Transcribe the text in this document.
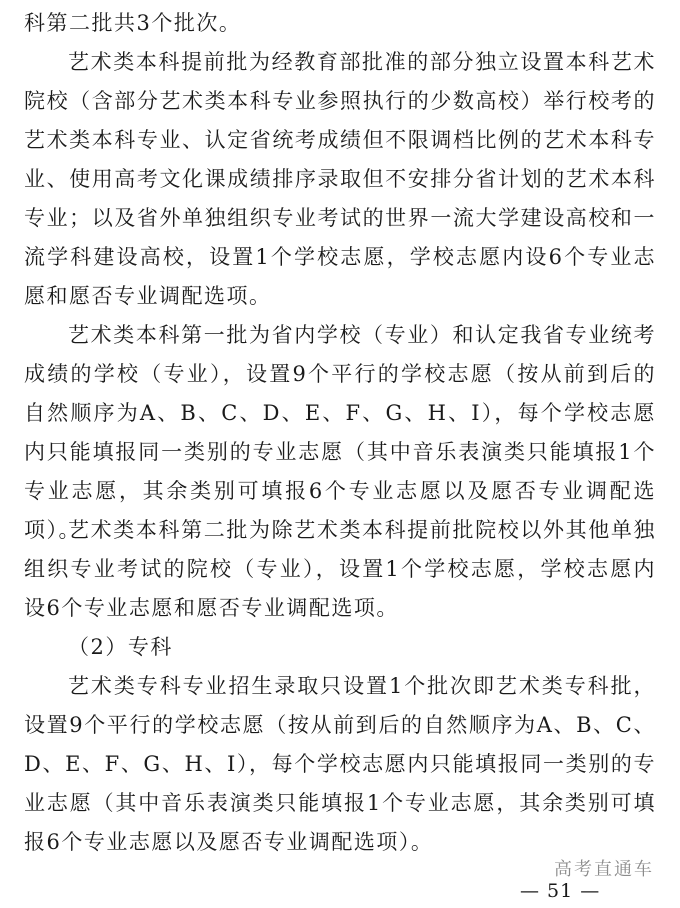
科第二批共3个批次。

艺术类本科提前批为经教育部批准的部分独立设置本科艺术院校（含部分艺术类本科专业参照执行的少数高校）举行校考的艺术类本科专业、认定省统考成绩但不限调档比例的艺术本科专业、使用高考文化课成绩排序录取但不安排分省计划的艺术本科专业；以及省外单独组织专业考试的世界一流大学建设高校和一流学科建设高校，设置1个学校志愿，学校志愿内设6个专业志愿和愿否专业调配选项。

艺术类本科第一批为省内学校（专业）和认定我省专业统考成绩的学校（专业），设置9个平行的学校志愿（按从前到后的自然顺序为A、B、C、D、E、F、G、H、I），每个学校志愿内只能填报同一类别的专业志愿（其中音乐表演类只能填报1个专业志愿，其余类别可填报6个专业志愿以及愿否专业调配选项）。

艺术类本科第二批为除艺术类本科提前批院校以外其他单独组织专业考试的院校（专业），设置1个学校志愿，学校志愿内设6个专业志愿和愿否专业调配选项。

（2）专科

艺术类专科专业招生录取只设置1个批次即艺术类专科批，设置9个平行的学校志愿（按从前到后的自然顺序为A、B、C、D、E、F、G、H、I），每个学校志愿内只能填报同一类别的专业志愿（其中音乐表演类只能填报1个专业志愿，其余类别可填报6个专业志愿以及愿否专业调配选项）。

高考直通车
— 51 —
